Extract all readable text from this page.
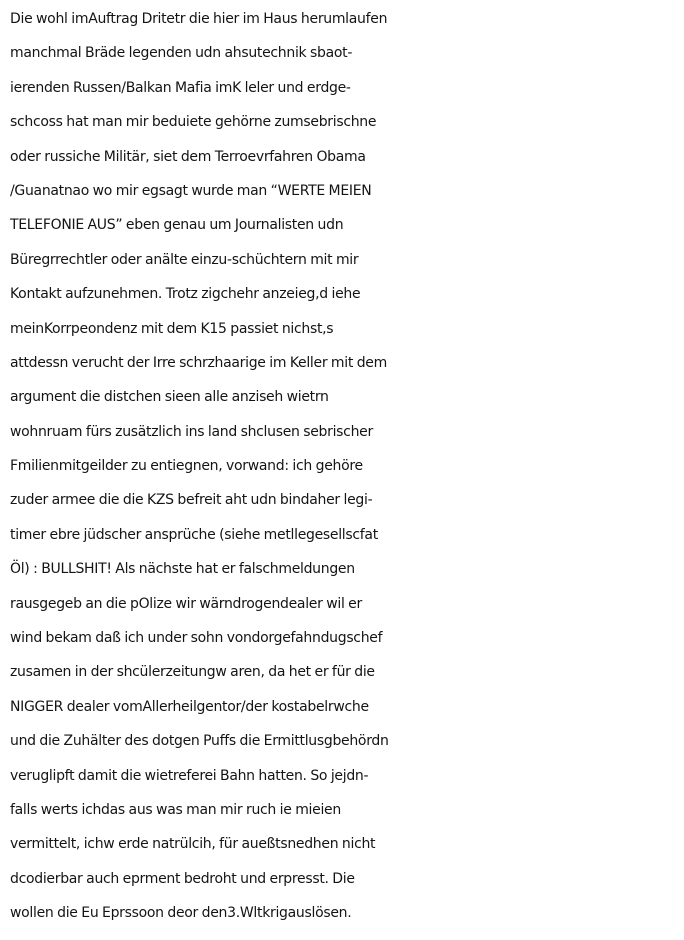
Die wohl imAuftrag Dritetr die hier im Haus herumlaufen
manchmal Bräde legenden udn ahsutechnik sbaot-
ierenden Russen/Balkan Mafia imK leler und erdge-
schcoss hat man mir beduiete gehörne zumsebrischne
oder russiche Militär, siet dem Terroevrfahren Obama
/Guanatnao wo mir egsagt wurde man “WERTE MEIEN
TELEFONIE AUS” eben genau um Journalisten udn
Büregrrechtler oder anälte einzu-schüchtern mit mir
Kontakt aufzunehmen. Trotz zigchehr anzeieg,d iehe
meinKorrpeondenz mit dem K15 passiet nichst,s
attdessn verucht der Irre schrzhaarige im Keller mit dem
argument die distchen sieen alle anziseh wietrn
wohnruam fürs zusätzlich ins land shclusen sebrischer
Fmilienmitgeilder zu entiegnen, vorwand: ich gehöre
zuder armee die die KZS befreit aht udn bindaher legi-
timer ebre jüdscher ansprüche (siehe metllegesellscfat
Öl) : BULLSHIT! Als nächste hat er falschmeldungen
rausgegeb an die pOlize wir wärndrogendealer wil er
wind bekam daß ich under sohn vondorgefahndugschef
zusamen in der shcülerzeitungw aren, da het er für die
NIGGER dealer vomAllerheilgentor/der kostabelrwche
und die Zuhälter des dotgen Puffs die Ermittlusgbehördn
veruglipft damit die wietreferei Bahn hatten. So jejdn-
falls werts ichdas aus was man mir ruch ie mieien
vermittelt, ichw erde natrülcih, für aueßtsnedhen nicht
dcodierbar auch eprment bedroht und erpresst. Die
wollen die Eu Eprssoon deor den3.Wltkrigauslösen.
